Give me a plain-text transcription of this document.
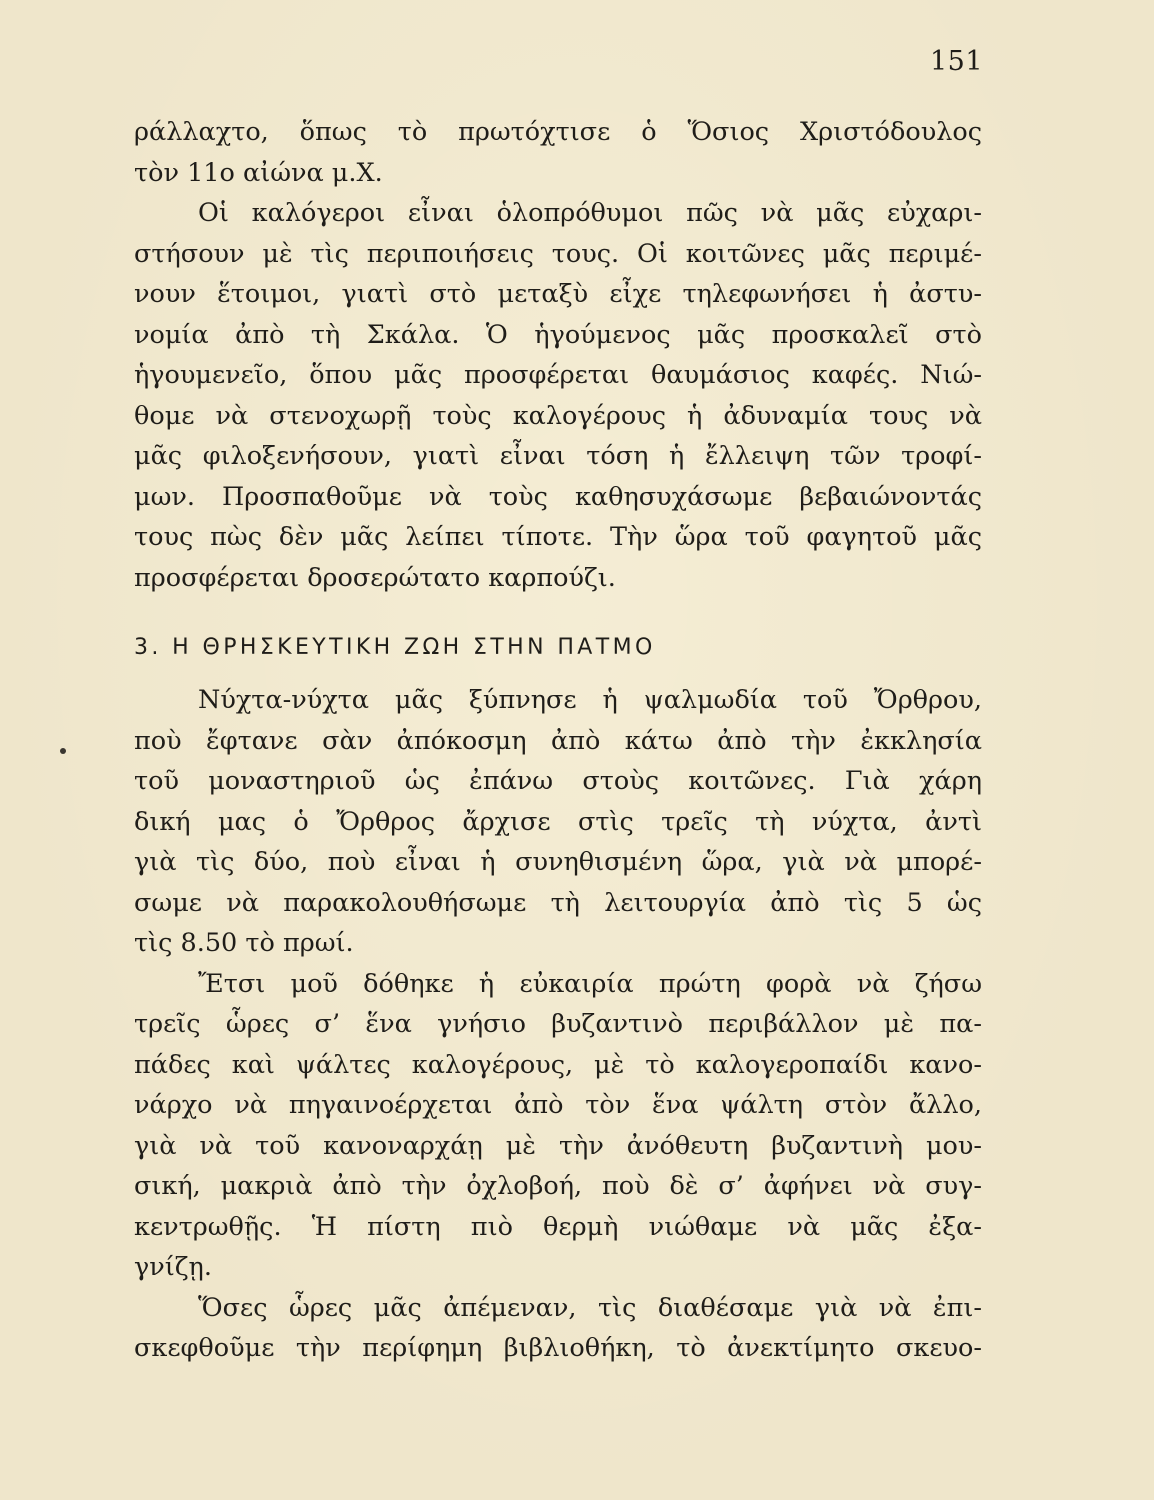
151
ράλλαχτο, ὅπως τὸ πρωτόχτισε ὁ Ὅσιος Χριστόδουλος
τὸν 11ο αἰώνα μ.Χ.
Οἱ καλόγεροι εἶναι ὁλοπρόθυμοι πῶς νὰ μᾶς εὐχαρι-
στήσουν μὲ τὶς περιποιήσεις τους. Οἱ κοιτῶνες μᾶς περιμέ-
νουν ἕτοιμοι, γιατὶ στὸ μεταξὺ εἶχε τηλεφωνήσει ἡ ἀστυ-
νομία ἀπὸ τὴ Σκάλα. Ὁ ἡγούμενος μᾶς προσκαλεῖ στὸ
ἡγουμενεῖο, ὅπου μᾶς προσφέρεται θαυμάσιος καφές. Νιώ-
θομε νὰ στενοχωρῇ τοὺς καλογέρους ἡ ἀδυναμία τους νὰ
μᾶς φιλοξενήσουν, γιατὶ εἶναι τόση ἡ ἔλλειψη τῶν τροφί-
μων. Προσπαθοῦμε νὰ τοὺς καθησυχάσωμε βεβαιώνοντάς
τους πὼς δὲν μᾶς λείπει τίποτε. Τὴν ὥρα τοῦ φαγητοῦ μᾶς
προσφέρεται δροσερώτατο καρπούζι.
3. Η ΘΡΗΣΚΕΥΤΙΚΗ ΖΩΗ ΣΤΗΝ ΠΑΤΜΟ
Νύχτα-νύχτα μᾶς ξύπνησε ἡ ψαλμωδία τοῦ Ὄρθρου,
ποὺ ἔφτανε σὰν ἀπόκοσμη ἀπὸ κάτω ἀπὸ τὴν ἐκκλησία
τοῦ μοναστηριοῦ ὡς ἐπάνω στοὺς κοιτῶνες. Γιὰ χάρη
δική μας ὁ Ὄρθρος ἄρχισε στὶς τρεῖς τὴ νύχτα, ἀντὶ
γιὰ τὶς δύο, ποὺ εἶναι ἡ συνηθισμένη ὥρα, γιὰ νὰ μπορέ-
σωμε νὰ παρακολουθήσωμε τὴ λειτουργία ἀπὸ τὶς 5 ὡς
τὶς 8.50 τὸ πρωί.
Ἔτσι μοῦ δόθηκε ἡ εὐκαιρία πρώτη φορὰ νὰ ζήσω
τρεῖς ὧρες σ’ ἕνα γνήσιο βυζαντινὸ περιβάλλον μὲ πα-
πάδες καὶ ψάλτες καλογέρους, μὲ τὸ καλογεροπαίδι κανο-
νάρχο νὰ πηγαινοέρχεται ἀπὸ τὸν ἕνα ψάλτη στὸν ἄλλο,
γιὰ νὰ τοῦ κανοναρχάῃ μὲ τὴν ἀνόθευτη βυζαντινὴ μου-
σική, μακριὰ ἀπὸ τὴν ὀχλοβοή, ποὺ δὲ σ’ ἀφήνει νὰ συγ-
κεντρωθῇς. Ἡ πίστη πιὸ θερμὴ νιώθαμε νὰ μᾶς ἐξα-
γνίζῃ.
Ὅσες ὧρες μᾶς ἀπέμεναν, τὶς διαθέσαμε γιὰ νὰ ἐπι-
σκεφθοῦμε τὴν περίφημη βιβλιοθήκη, τὸ ἀνεκτίμητο σκευο-
